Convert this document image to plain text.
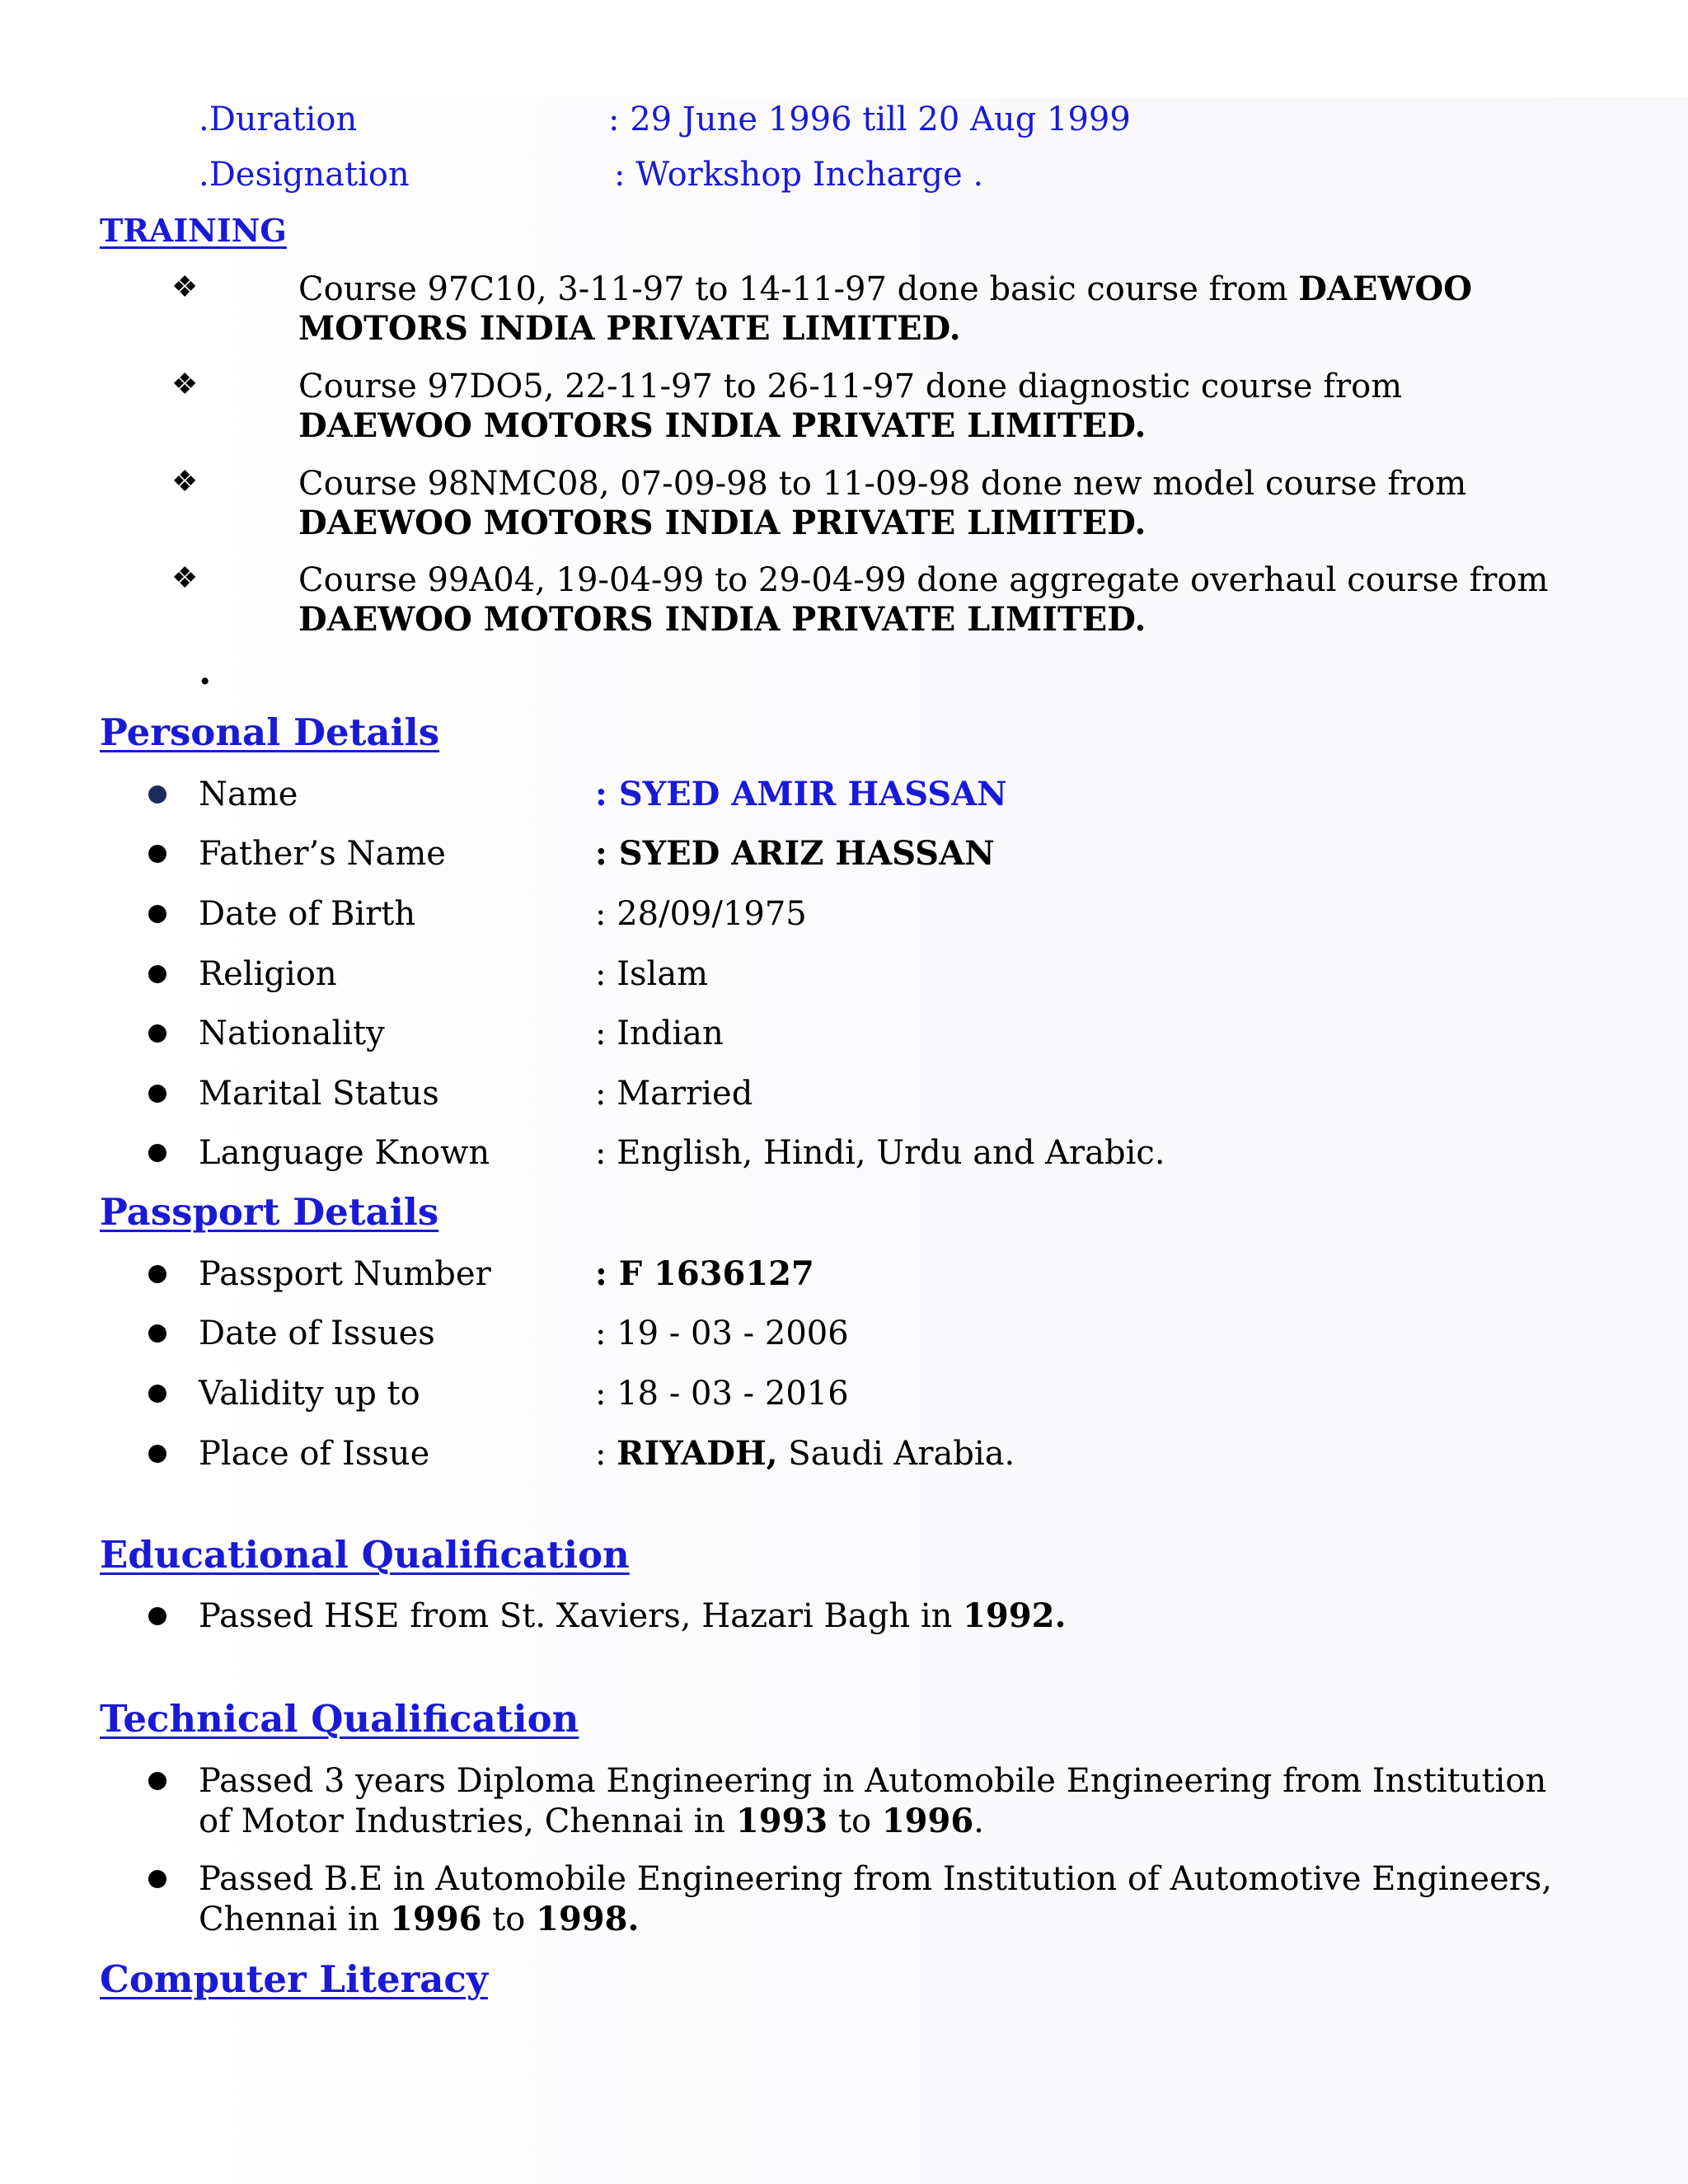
.Duration	: 29 June 1996 till 20 Aug 1999
.Designation	: Workshop Incharge .
TRAINING
❖	Course 97C10, 3-11-97 to 14-11-97 done basic course from DAEWOO
MOTORS INDIA PRIVATE LIMITED.
❖	Course 97DO5, 22-11-97 to 26-11-97 done diagnostic course from
DAEWOO MOTORS INDIA PRIVATE LIMITED.
❖	Course 98NMC08, 07-09-98 to 11-09-98 done new model course from
DAEWOO MOTORS INDIA PRIVATE LIMITED.
❖	Course 99A04, 19-04-99 to 29-04-99 done aggregate overhaul course from
DAEWOO MOTORS INDIA PRIVATE LIMITED.
.
Personal Details
Name	: SYED AMIR HASSAN
Father’s Name	: SYED ARIZ HASSAN
Date of Birth	: 28/09/1975
Religion	: Islam
Nationality	: Indian
Marital Status	: Married
Language Known	: English, Hindi, Urdu and Arabic.
Passport Details
Passport Number	: F 1636127
Date of Issues	: 19 - 03 - 2006
Validity up to	: 18 - 03 - 2016
Place of Issue	: RIYADH, Saudi Arabia.
Educational Qualification
Passed HSE from St. Xaviers, Hazari Bagh in 1992.
Technical Qualification
Passed 3 years Diploma Engineering in Automobile Engineering from Institution
of Motor Industries, Chennai in 1993 to 1996.
Passed B.E in Automobile Engineering from Institution of Automotive Engineers,
Chennai in 1996 to 1998.
Computer Literacy
